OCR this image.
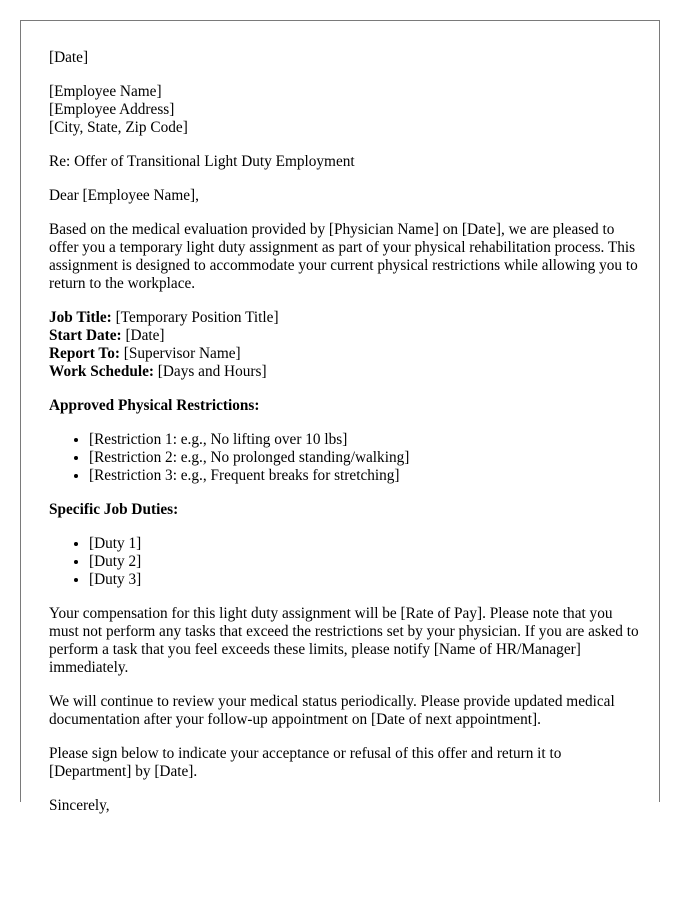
[Date]

[Employee Name]
[Employee Address]
[City, State, Zip Code]

Re: Offer of Transitional Light Duty Employment

Dear [Employee Name],

Based on the medical evaluation provided by [Physician Name] on [Date], we are pleased to offer you a temporary light duty assignment as part of your physical rehabilitation process. This assignment is designed to accommodate your current physical restrictions while allowing you to return to the workplace.

Job Title: [Temporary Position Title]
Start Date: [Date]
Report To: [Supervisor Name]
Work Schedule: [Days and Hours]

Approved Physical Restrictions:

• [Restriction 1: e.g., No lifting over 10 lbs]
• [Restriction 2: e.g., No prolonged standing/walking]
• [Restriction 3: e.g., Frequent breaks for stretching]

Specific Job Duties:

• [Duty 1]
• [Duty 2]
• [Duty 3]

Your compensation for this light duty assignment will be [Rate of Pay]. Please note that you must not perform any tasks that exceed the restrictions set by your physician. If you are asked to perform a task that you feel exceeds these limits, please notify [Name of HR/Manager] immediately.

We will continue to review your medical status periodically. Please provide updated medical documentation after your follow-up appointment on [Date of next appointment].

Please sign below to indicate your acceptance or refusal of this offer and return it to [Department] by [Date].

Sincerely,
